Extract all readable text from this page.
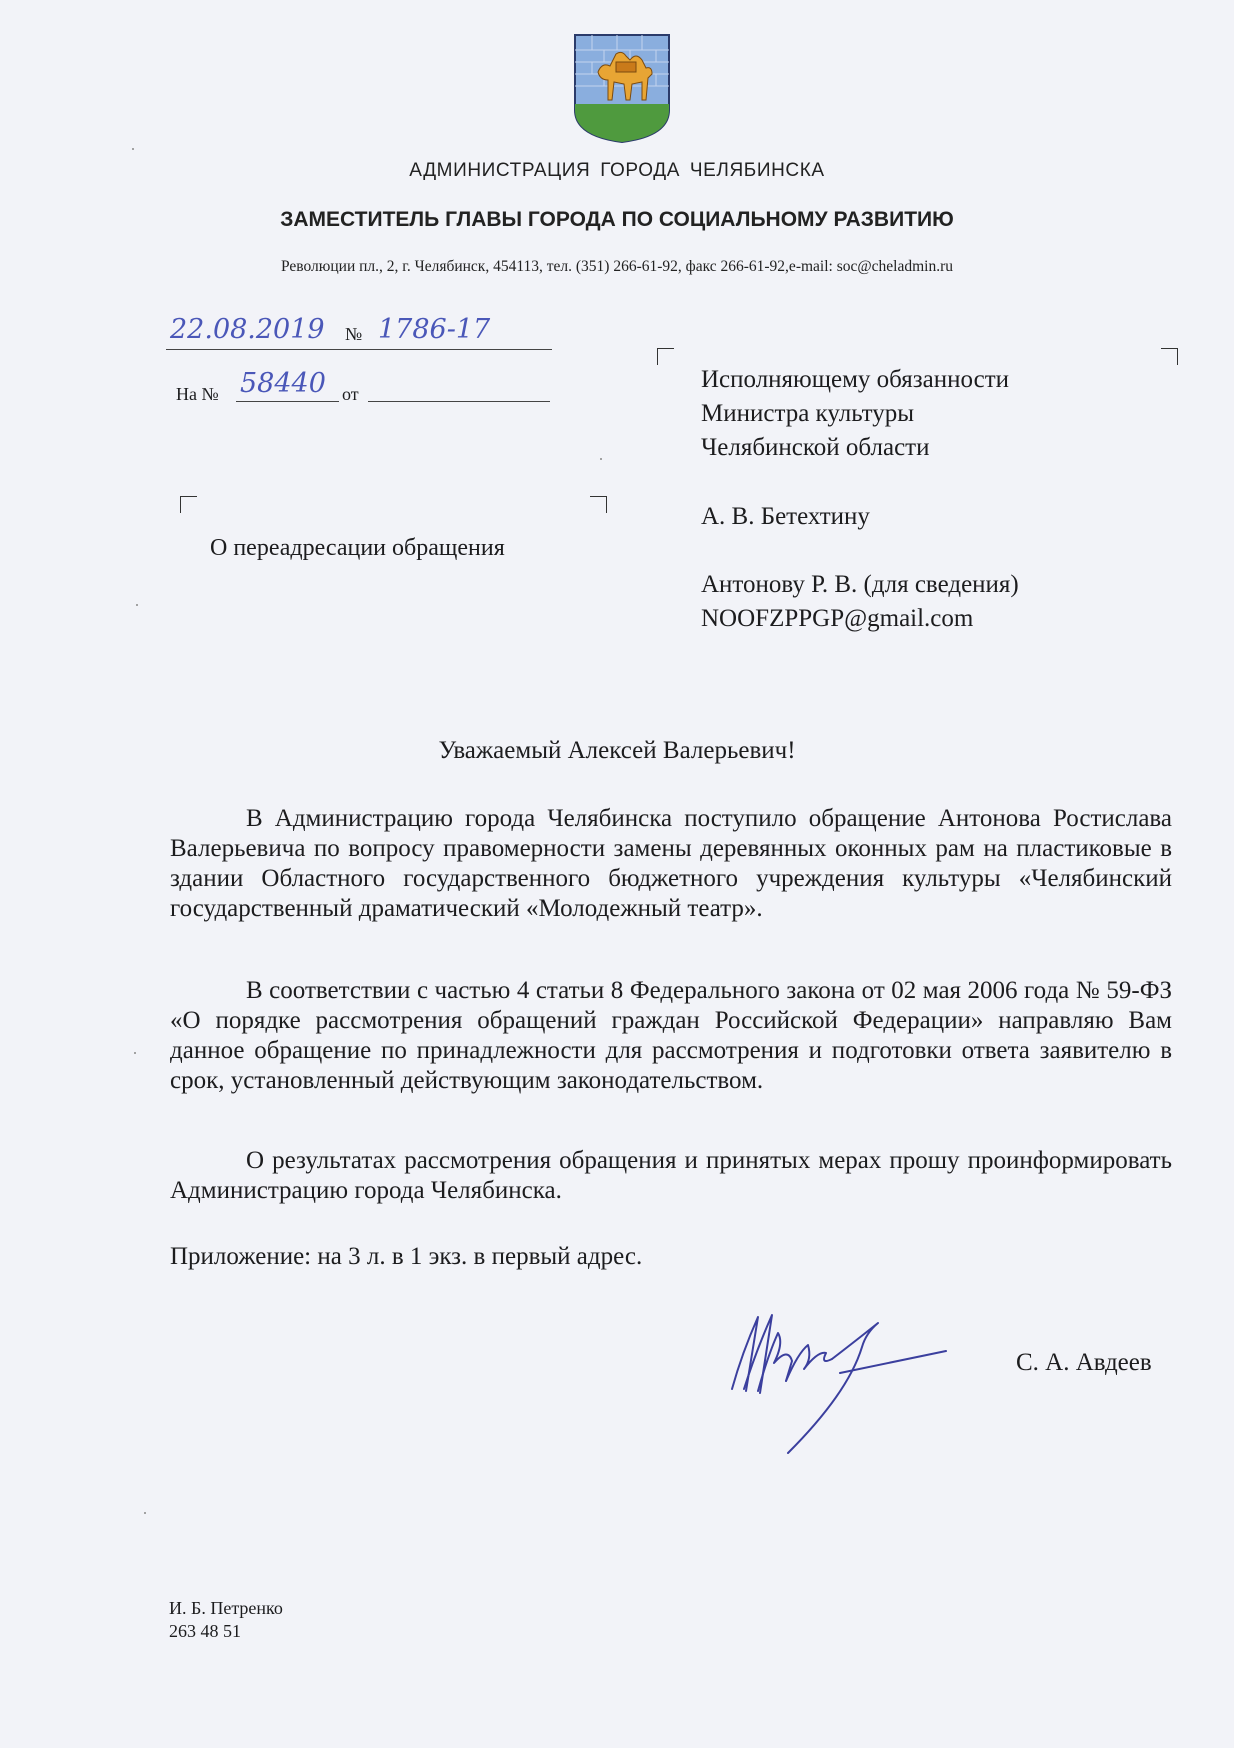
АДМИНИСТРАЦИЯ ГОРОДА ЧЕЛЯБИНСКА
ЗАМЕСТИТЕЛЬ ГЛАВЫ ГОРОДА ПО СОЦИАЛЬНОМУ РАЗВИТИЮ
Революции пл., 2, г. Челябинск, 454113, тел. (351) 266-61-92, факс 266-61-92,e-mail: soc@cheladmin.ru
22.08.2019 № 1786-17
На № 58440 от
О переадресации обращения
Исполняющему обязанности
Министра культуры
Челябинской области
А. В. Бетехтину
Антонову Р. В. (для сведения)
NOOFZPPGP@gmail.com
Уважаемый Алексей Валерьевич!
В Администрацию города Челябинска поступило обращение Антонова Ростислава Валерьевича по вопросу правомерности замены деревянных оконных рам на пластиковые в здании Областного государственного бюджетного учреждения культуры «Челябинский государственный драматический «Молодежный театр».
В соответствии с частью 4 статьи 8 Федерального закона от 02 мая 2006 года № 59-ФЗ «О порядке рассмотрения обращений граждан Российской Федерации» направляю Вам данное обращение по принадлежности для рассмотрения и подготовки ответа заявителю в срок, установленный действующим законодательством.
О результатах рассмотрения обращения и принятых мерах прошу проинформировать Администрацию города Челябинска.
Приложение: на 3 л. в 1 экз. в первый адрес.
С. А. Авдеев
И. Б. Петренко
263 48 51
